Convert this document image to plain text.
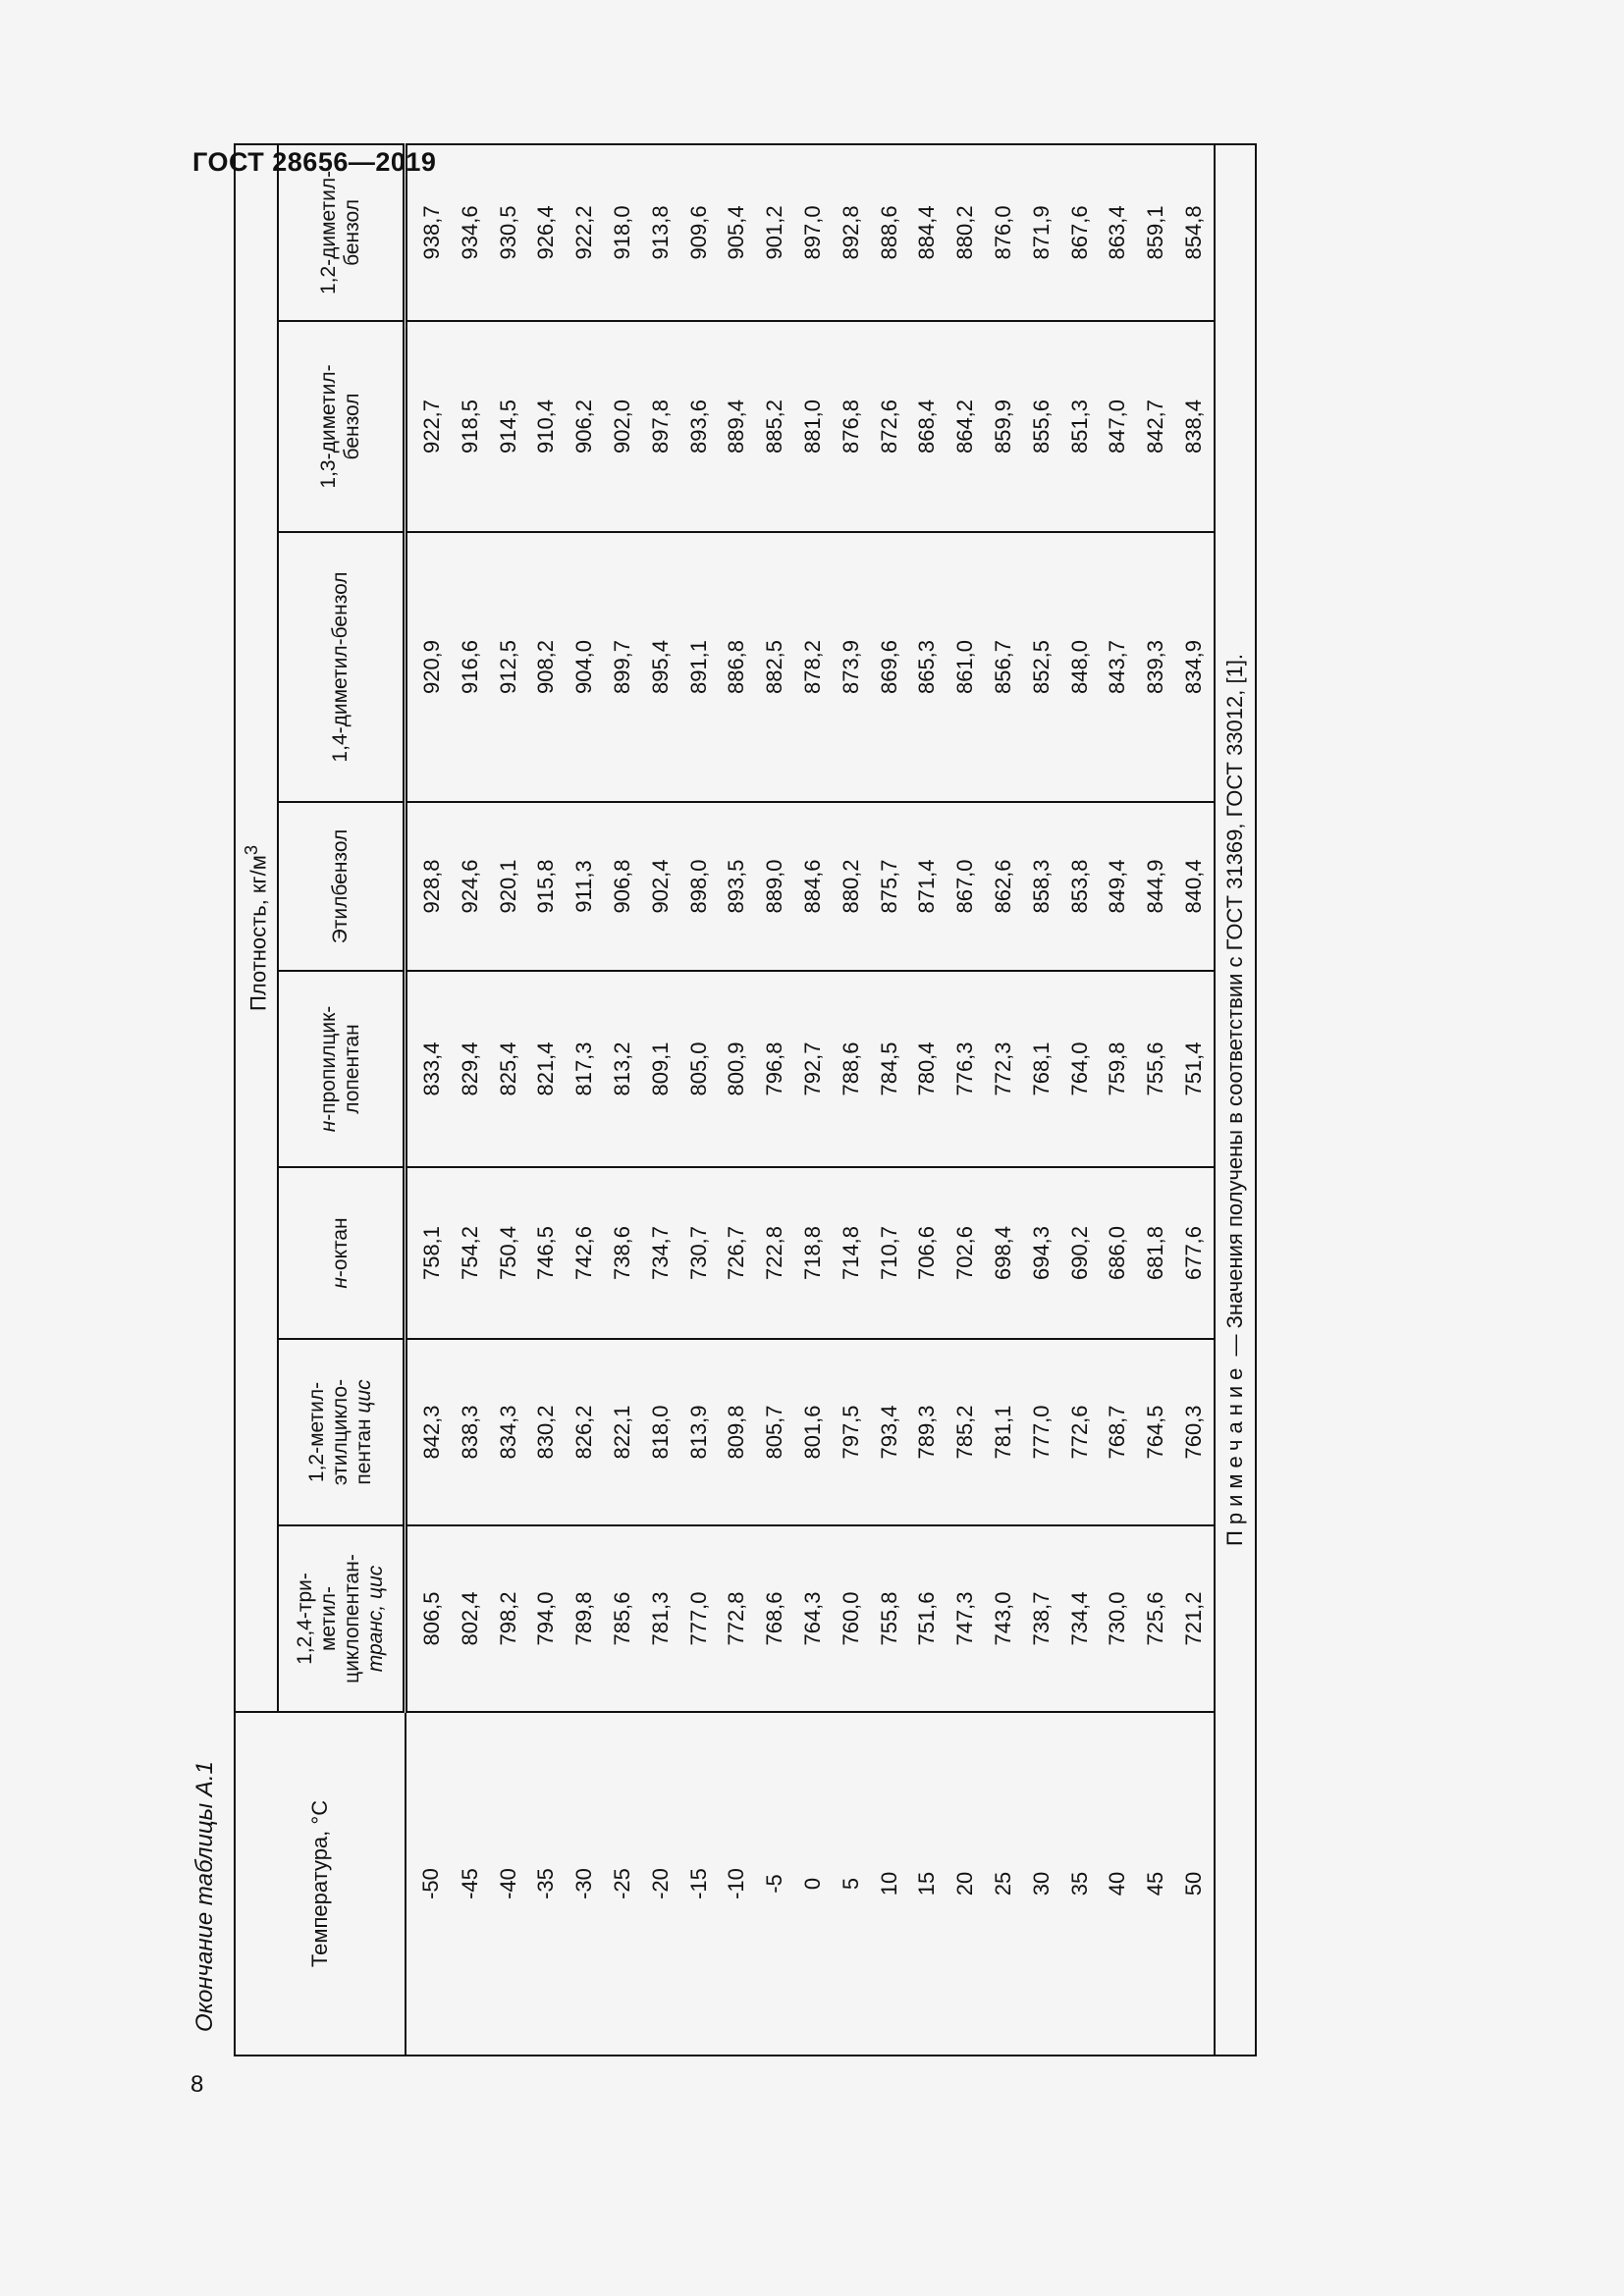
ГОСТ 28656—2019
8
Окончание таблицы А.1	Температура, °С	Плотность, $кг/м^3$
	1,2,4-три-
метил-
циклопентан-
транс, цис	1,2-метил-
этилцикло-
пентан цис	н-октан	н-пропилцик-
лопентан	Этилбензол	1,4-диметил-бензол	1,3-диметил-
бензол	1,2-диметил-
бензол
-50	806,5	842,3	758,1	833,4	928,8	920,9	922,7	938,7
-45	802,4	838,3	754,2	829,4	924,6	916,6	918,5	934,6
-40	798,2	834,3	750,4	825,4	920,1	912,5	914,5	930,5
-35	794,0	830,2	746,5	821,4	915,8	908,2	910,4	926,4
-30	789,8	826,2	742,6	817,3	911,3	904,0	906,2	922,2
-25	785,6	822,1	738,6	813,2	906,8	899,7	902,0	918,0
-20	781,3	818,0	734,7	809,1	902,4	895,4	897,8	913,8
-15	777,0	813,9	730,7	805,0	898,0	891,1	893,6	909,6
-10	772,8	809,8	726,7	800,9	893,5	886,8	889,4	905,4
-5	768,6	805,7	722,8	796,8	889,0	882,5	885,2	901,2
0	764,3	801,6	718,8	792,7	884,6	878,2	881,0	897,0
5	760,0	797,5	714,8	788,6	880,2	873,9	876,8	892,8
10	755,8	793,4	710,7	784,5	875,7	869,6	872,6	888,6
15	751,6	789,3	706,6	780,4	871,4	865,3	868,4	884,4
20	747,3	785,2	702,6	776,3	867,0	861,0	864,2	880,2
25	743,0	781,1	698,4	772,3	862,6	856,7	859,9	876,0
30	738,7	777,0	694,3	768,1	858,3	852,5	855,6	871,9
35	734,4	772,6	690,2	764,0	853,8	848,0	851,3	867,6
40	730,0	768,7	686,0	759,8	849,4	843,7	847,0	863,4
45	725,6	764,5	681,8	755,6	844,9	839,3	842,7	859,1
50	721,2	760,3	677,6	751,4	840,4	834,9	838,4	854,8
Примечание — Значения получены в соответствии с ГОСТ 31369, ГОСТ 33012, [1].								
